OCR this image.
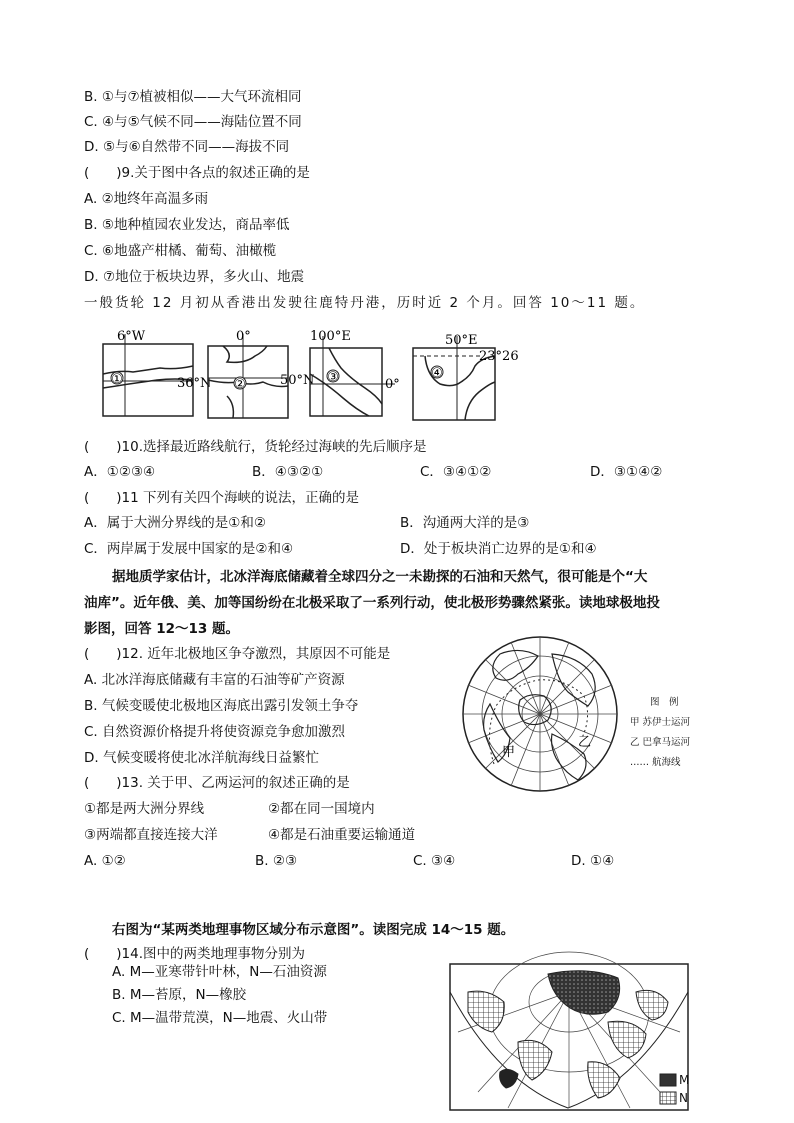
B. ①与⑦植被相似——大气环流相同
C. ④与⑤气候不同——海陆位置不同
D. ⑤与⑥自然带不同——海拔不同
(　　)9.关于图中各点的叙述正确的是
A. ②地终年高温多雨
B. ⑤地种植园农业发达，商品率低
C. ⑥地盛产柑橘、葡萄、油橄榄
D. ⑦地位于板块边界，多火山、地震
一般货轮 12 月初从香港出发驶往鹿特丹港，历时近 2 个月。回答 10～11 题。
①
6°W
36°N ②
0°
50°N ③
100°E
0°
④
50°E
23°26
(　　)10.选择最近路线航行，货轮经过海峡的先后顺序是
A．①②③④	B．④③②①	C．③④①②	D．③①④②
(　　)11 下列有关四个海峡的说法，正确的是
A．属于大洲分界线的是①和②	B．沟通两大洋的是③
C．两岸属于发展中国家的是②和④	D．处于板块消亡边界的是①和④
据地质学家估计，北冰洋海底储藏着全球四分之一未勘探的石油和天然气，很可能是个“大
油库”。近年俄、美、加等国纷纷在北极采取了一系列行动，使北极形势骤然紧张。读地球极地投
影图，回答 12～13 题。
(　　)12. 近年北极地区争夺激烈，其原因不可能是
A. 北冰洋海底储藏有丰富的石油等矿产资源
B. 气候变暖使北极地区海底出露引发领土争夺
C. 自然资源价格提升将使资源竞争愈加激烈
D. 气候变暖将使北冰洋航海线日益繁忙
(　　)13. 关于甲、乙两运河的叙述正确的是
①都是两大洲分界线	②都在同一国境内
③两端都直接连接大洋	④都是石油重要运输通道
A. ①②	B. ②③	C. ③④	D. ①④
甲
乙
图　例
甲 苏伊士运河
乙 巴拿马运河
…… 航海线
右图为“某两类地理事物区域分布示意图”。读图完成 14～15 题。
(　　)14.图中的两类地理事物分别为
A. M—亚寒带针叶林，N—石油资源
B. M—苔原，N—橡胶
C. M—温带荒漠，N—地震、火山带
M
N
